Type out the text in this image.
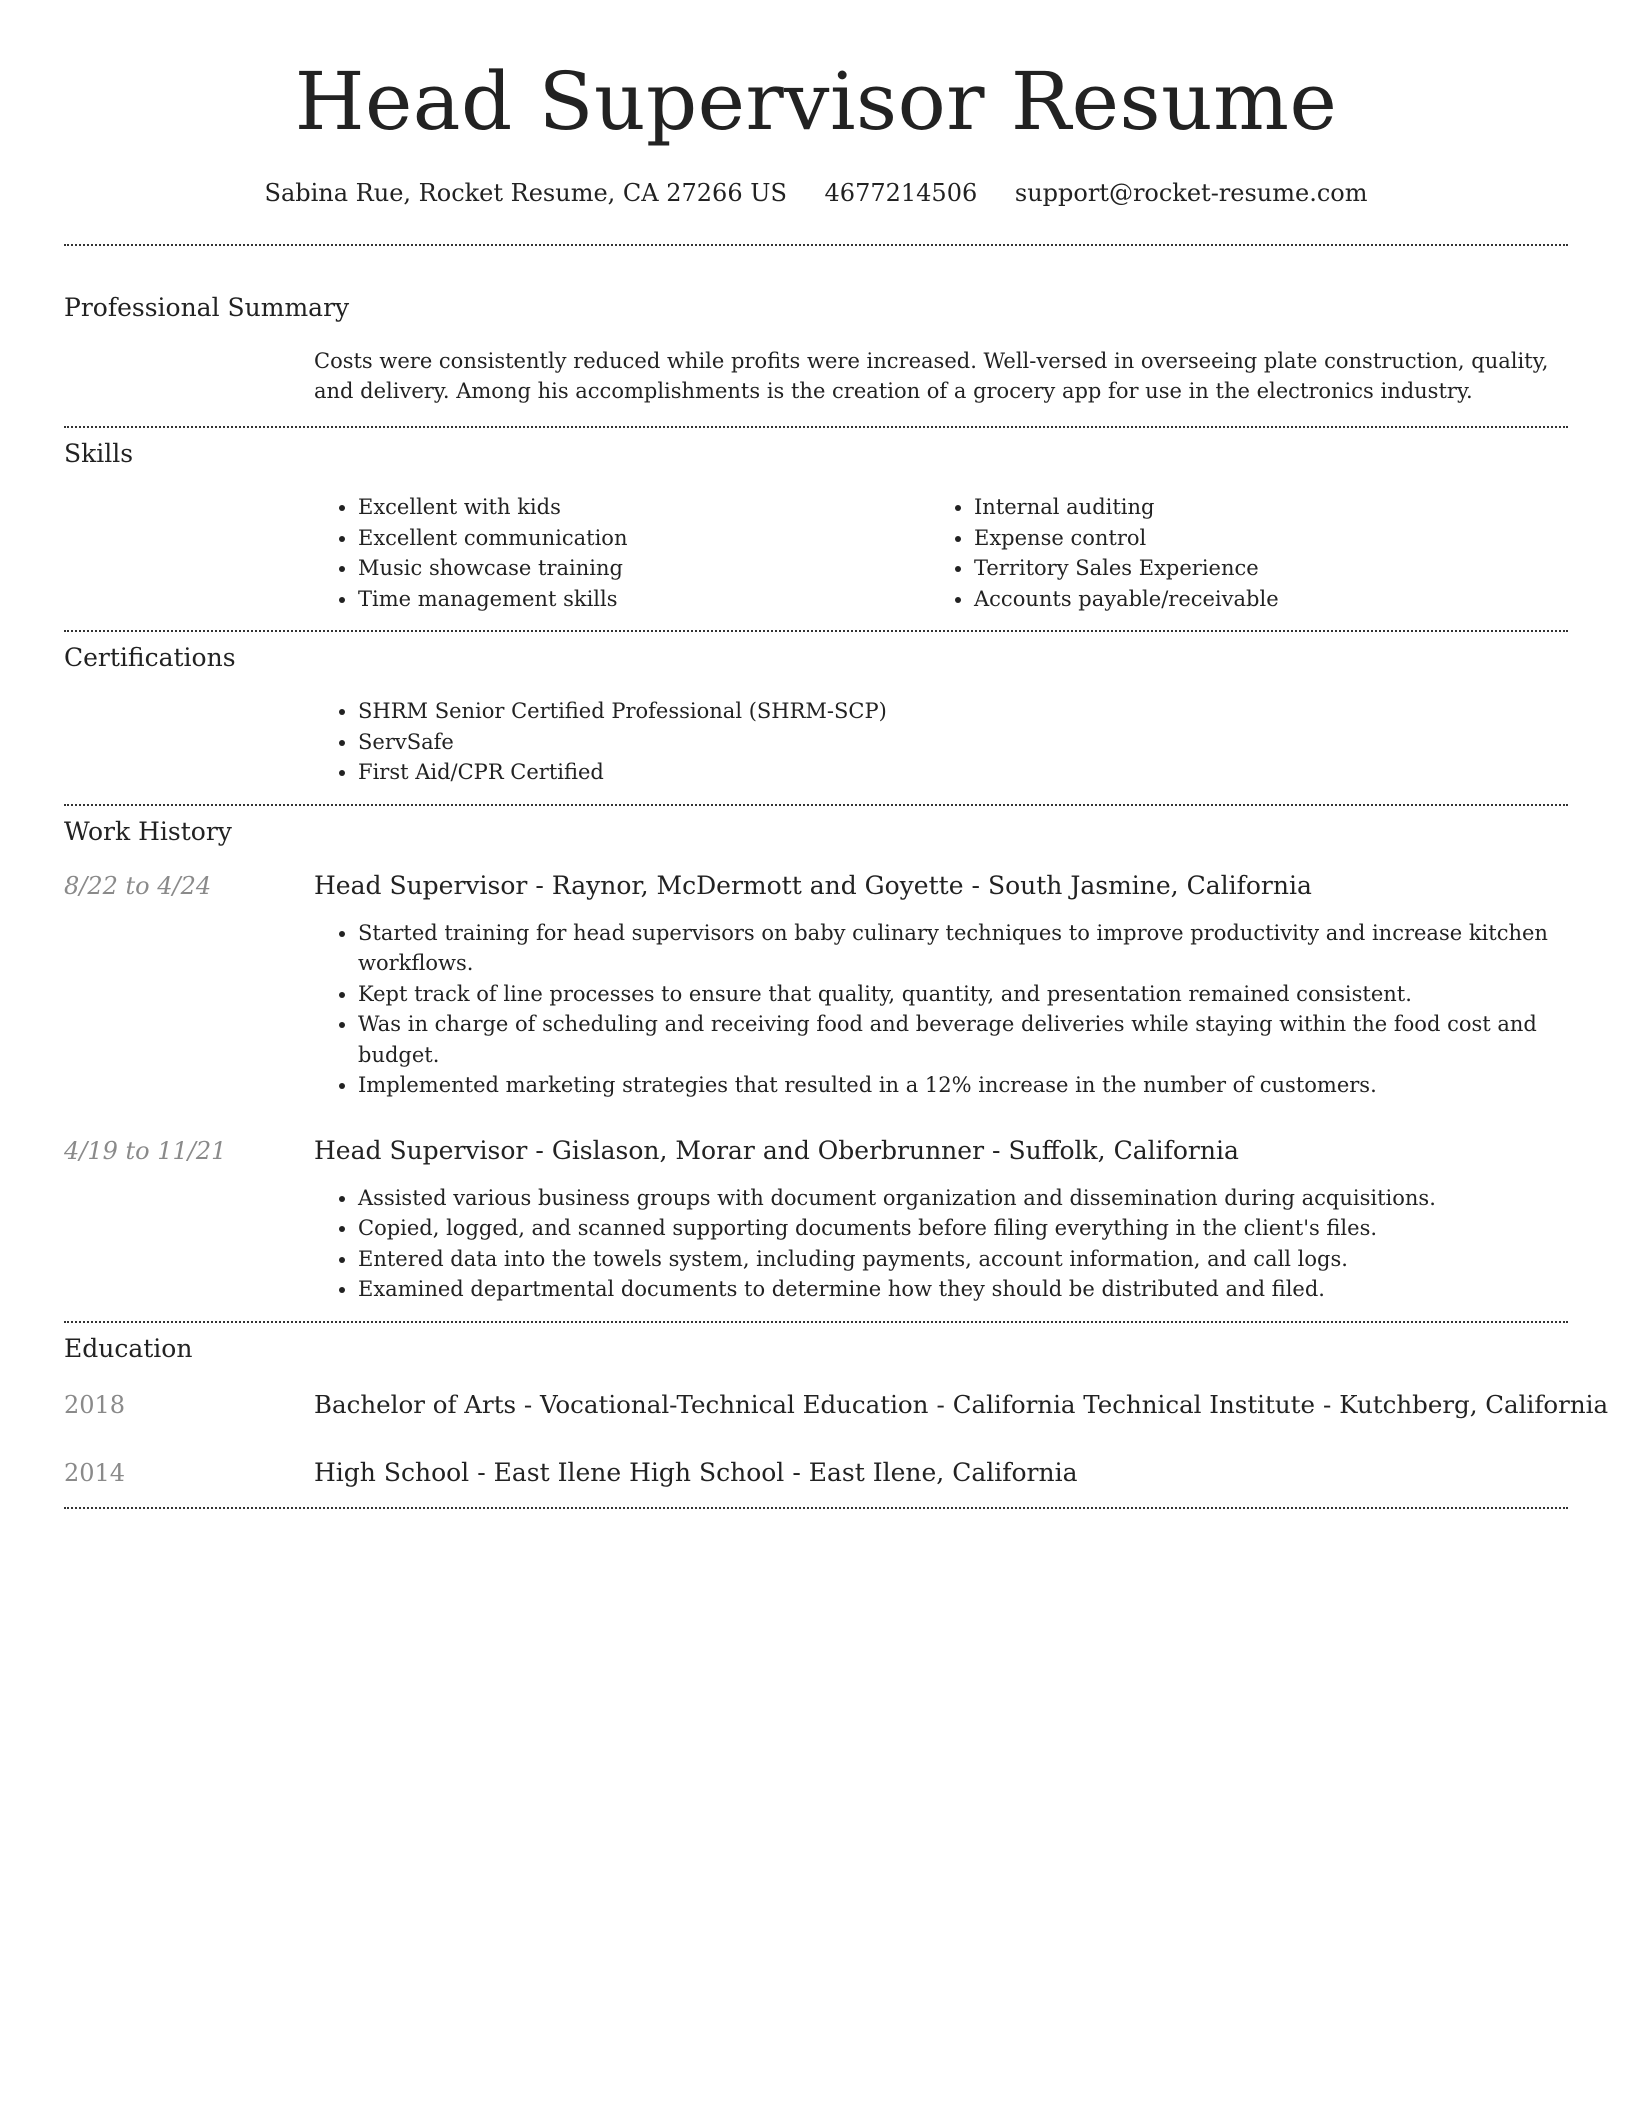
Head Supervisor Resume
Sabina Rue, Rocket Resume, CA 27266 US 4677214506 support@rocket-resume.com
Professional Summary

Costs were consistently reduced while profits were increased. Well-versed in overseeing plate construction, quality, and delivery. Among his accomplishments is the creation of a grocery app for use in the electronics industry.

Skills
• Excellent with kids
• Excellent communication
• Music showcase training
• Time management skills
• Internal auditing
• Expense control
• Territory Sales Experience
• Accounts payable/receivable
Certifications
• SHRM Senior Certified Professional (SHRM-SCP)
• ServSafe
• First Aid/CPR Certified
Work History
8/22 to 4/24	Head Supervisor - Raynor, McDermott and Goyette - South Jasmine, California
• Started training for head supervisors on baby culinary techniques to improve productivity and increase kitchen workflows.
• Kept track of line processes to ensure that quality, quantity, and presentation remained consistent.
• Was in charge of scheduling and receiving food and beverage deliveries while staying within the food cost and budget.
• Implemented marketing strategies that resulted in a 12% increase in the number of customers.
4/19 to 11/21	Head Supervisor - Gislason, Morar and Oberbrunner - Suffolk, California
• Assisted various business groups with document organization and dissemination during acquisitions.
• Copied, logged, and scanned supporting documents before filing everything in the client's files.
• Entered data into the towels system, including payments, account information, and call logs.
• Examined departmental documents to determine how they should be distributed and filed.
Education
2018	Bachelor of Arts - Vocational-Technical Education - California Technical Institute - Kutchberg, California
2014	High School - East Ilene High School - East Ilene, California
